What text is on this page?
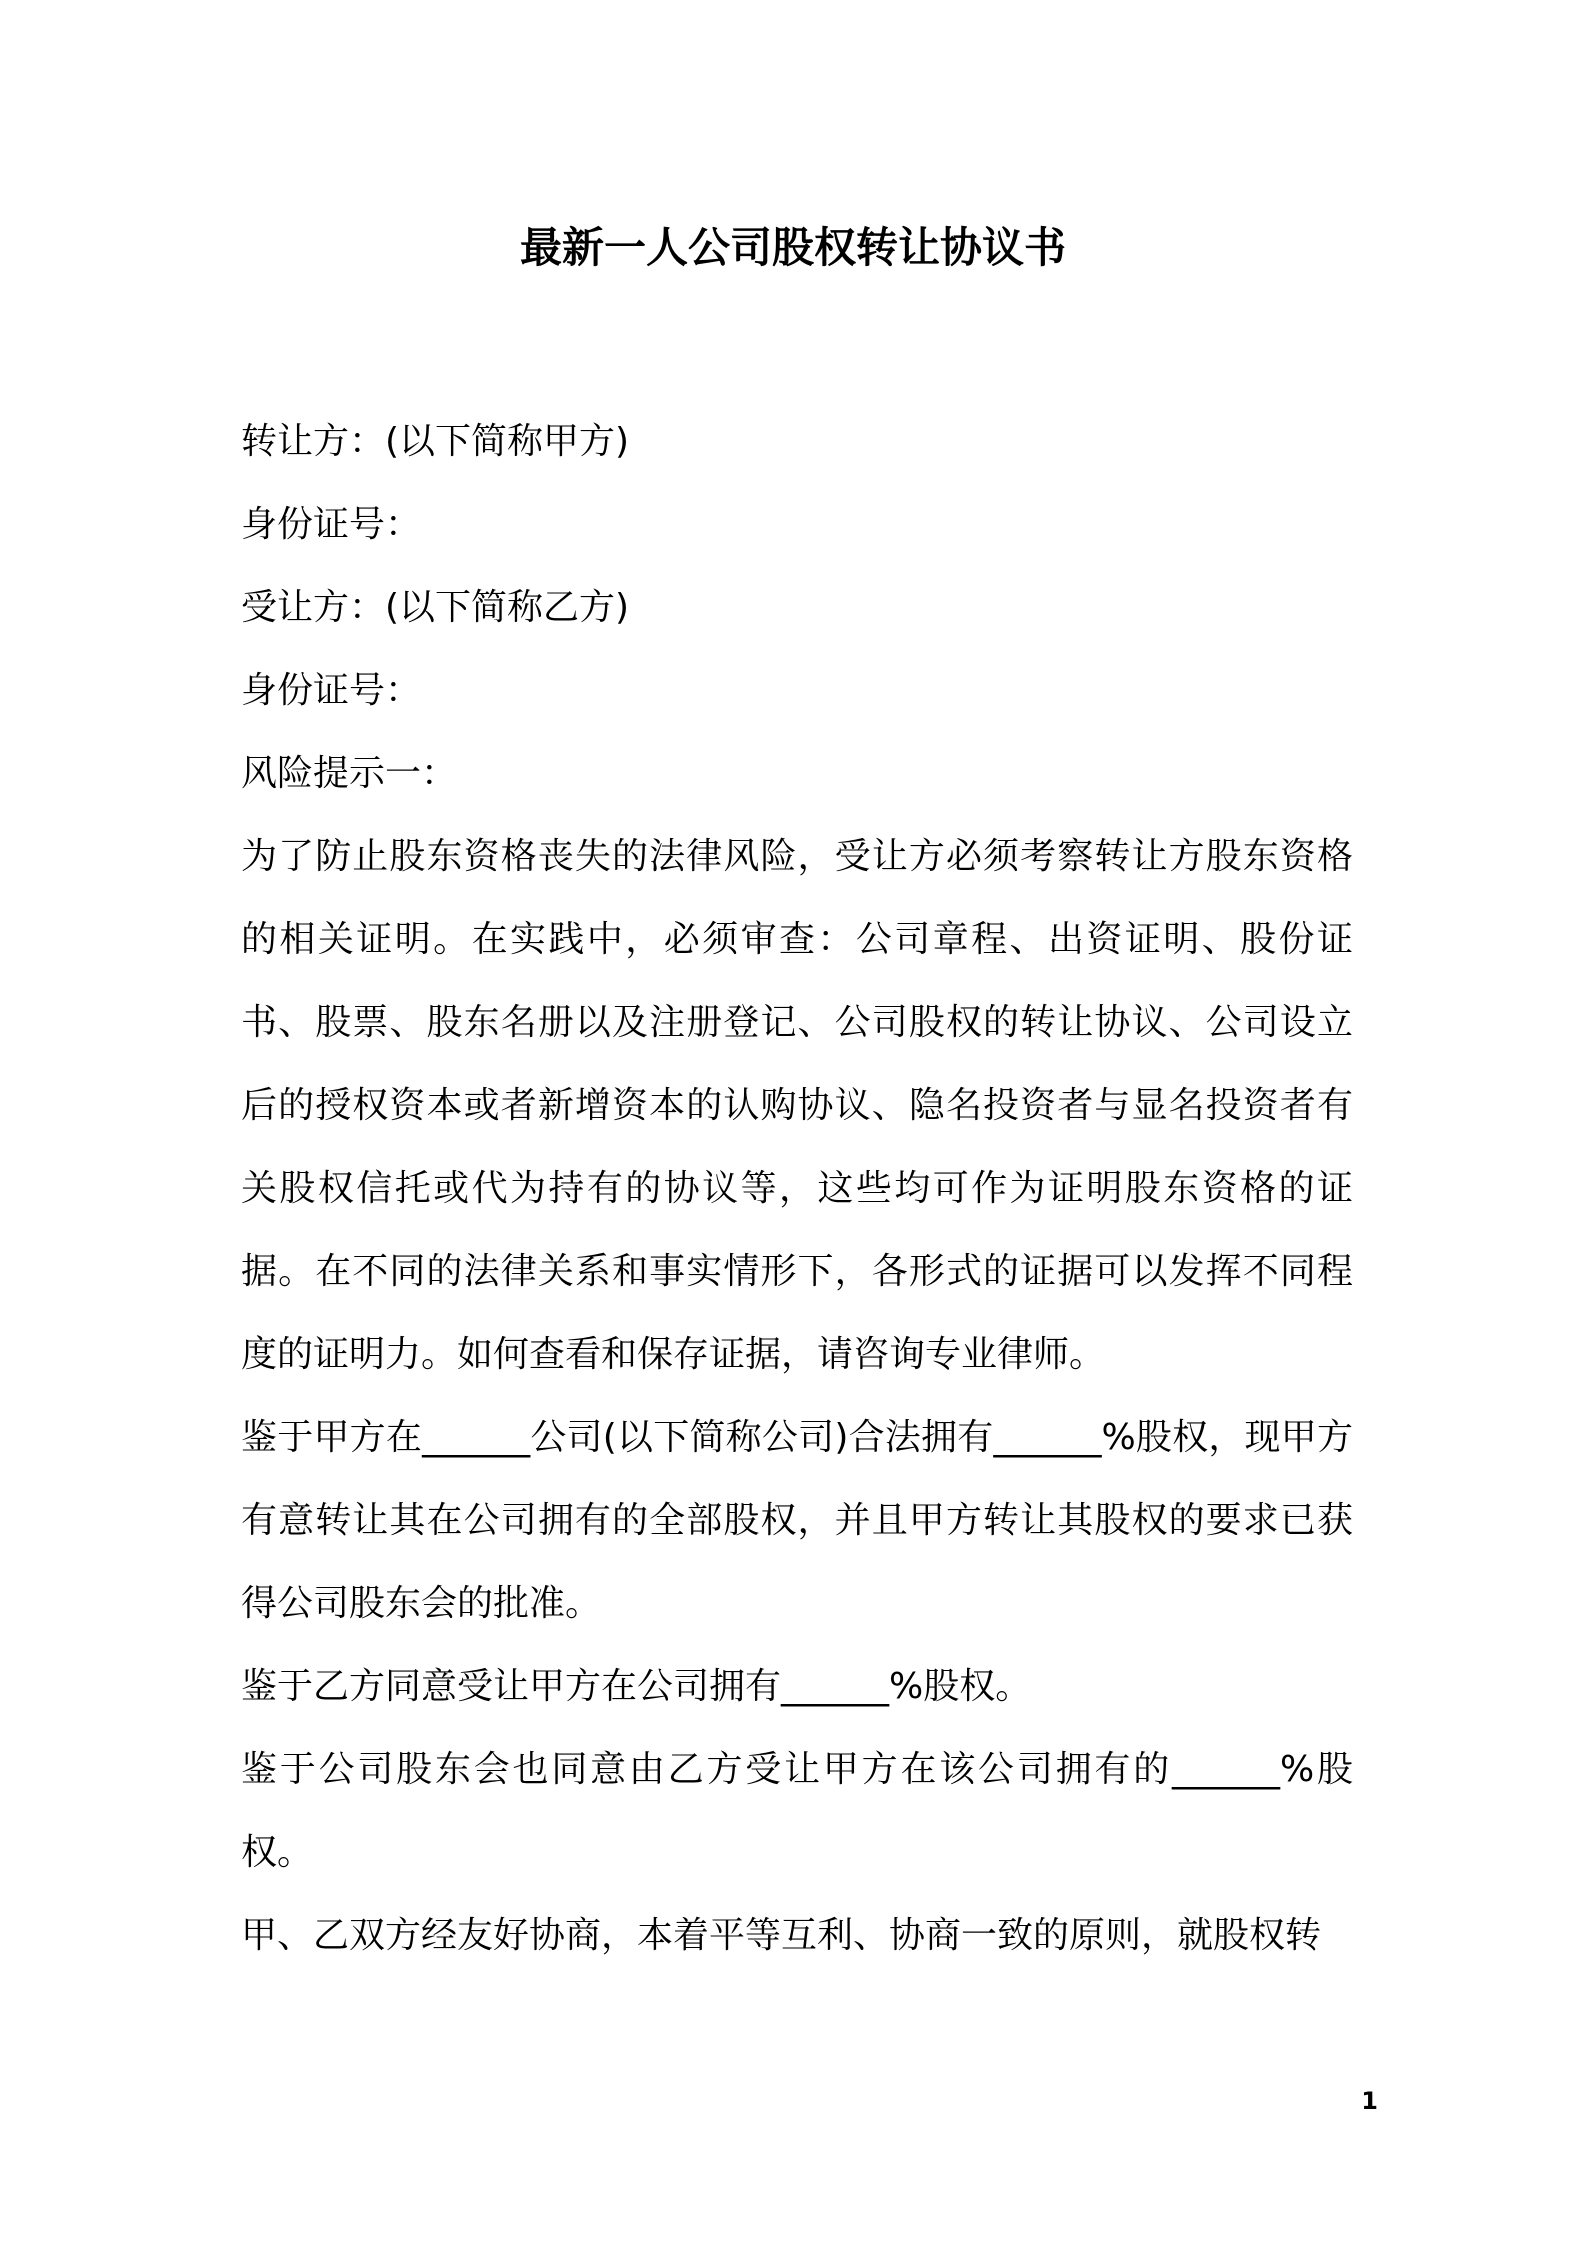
最新一人公司股权转让协议书

转让方：(以下简称甲方)

身份证号：

受让方：(以下简称乙方)

身份证号：

风险提示一：

为了防止股东资格丧失的法律风险，受让方必须考察转让方股东资格的相关证明。在实践中，必须审查：公司章程、出资证明、股份证书、股票、股东名册以及注册登记、公司股权的转让协议、公司设立后的授权资本或者新增资本的认购协议、隐名投资者与显名投资者有关股权信托或代为持有的协议等，这些均可作为证明股东资格的证据。在不同的法律关系和事实情形下，各形式的证据可以发挥不同程度的证明力。如何查看和保存证据，请咨询专业律师。

鉴于甲方在______公司(以下简称公司)合法拥有______%股权，现甲方有意转让其在公司拥有的全部股权，并且甲方转让其股权的要求已获得公司股东会的批准。

鉴于乙方同意受让甲方在公司拥有______%股权。

鉴于公司股东会也同意由乙方受让甲方在该公司拥有的______%股权。

甲、乙双方经友好协商，本着平等互利、协商一致的原则，就股权转

1
